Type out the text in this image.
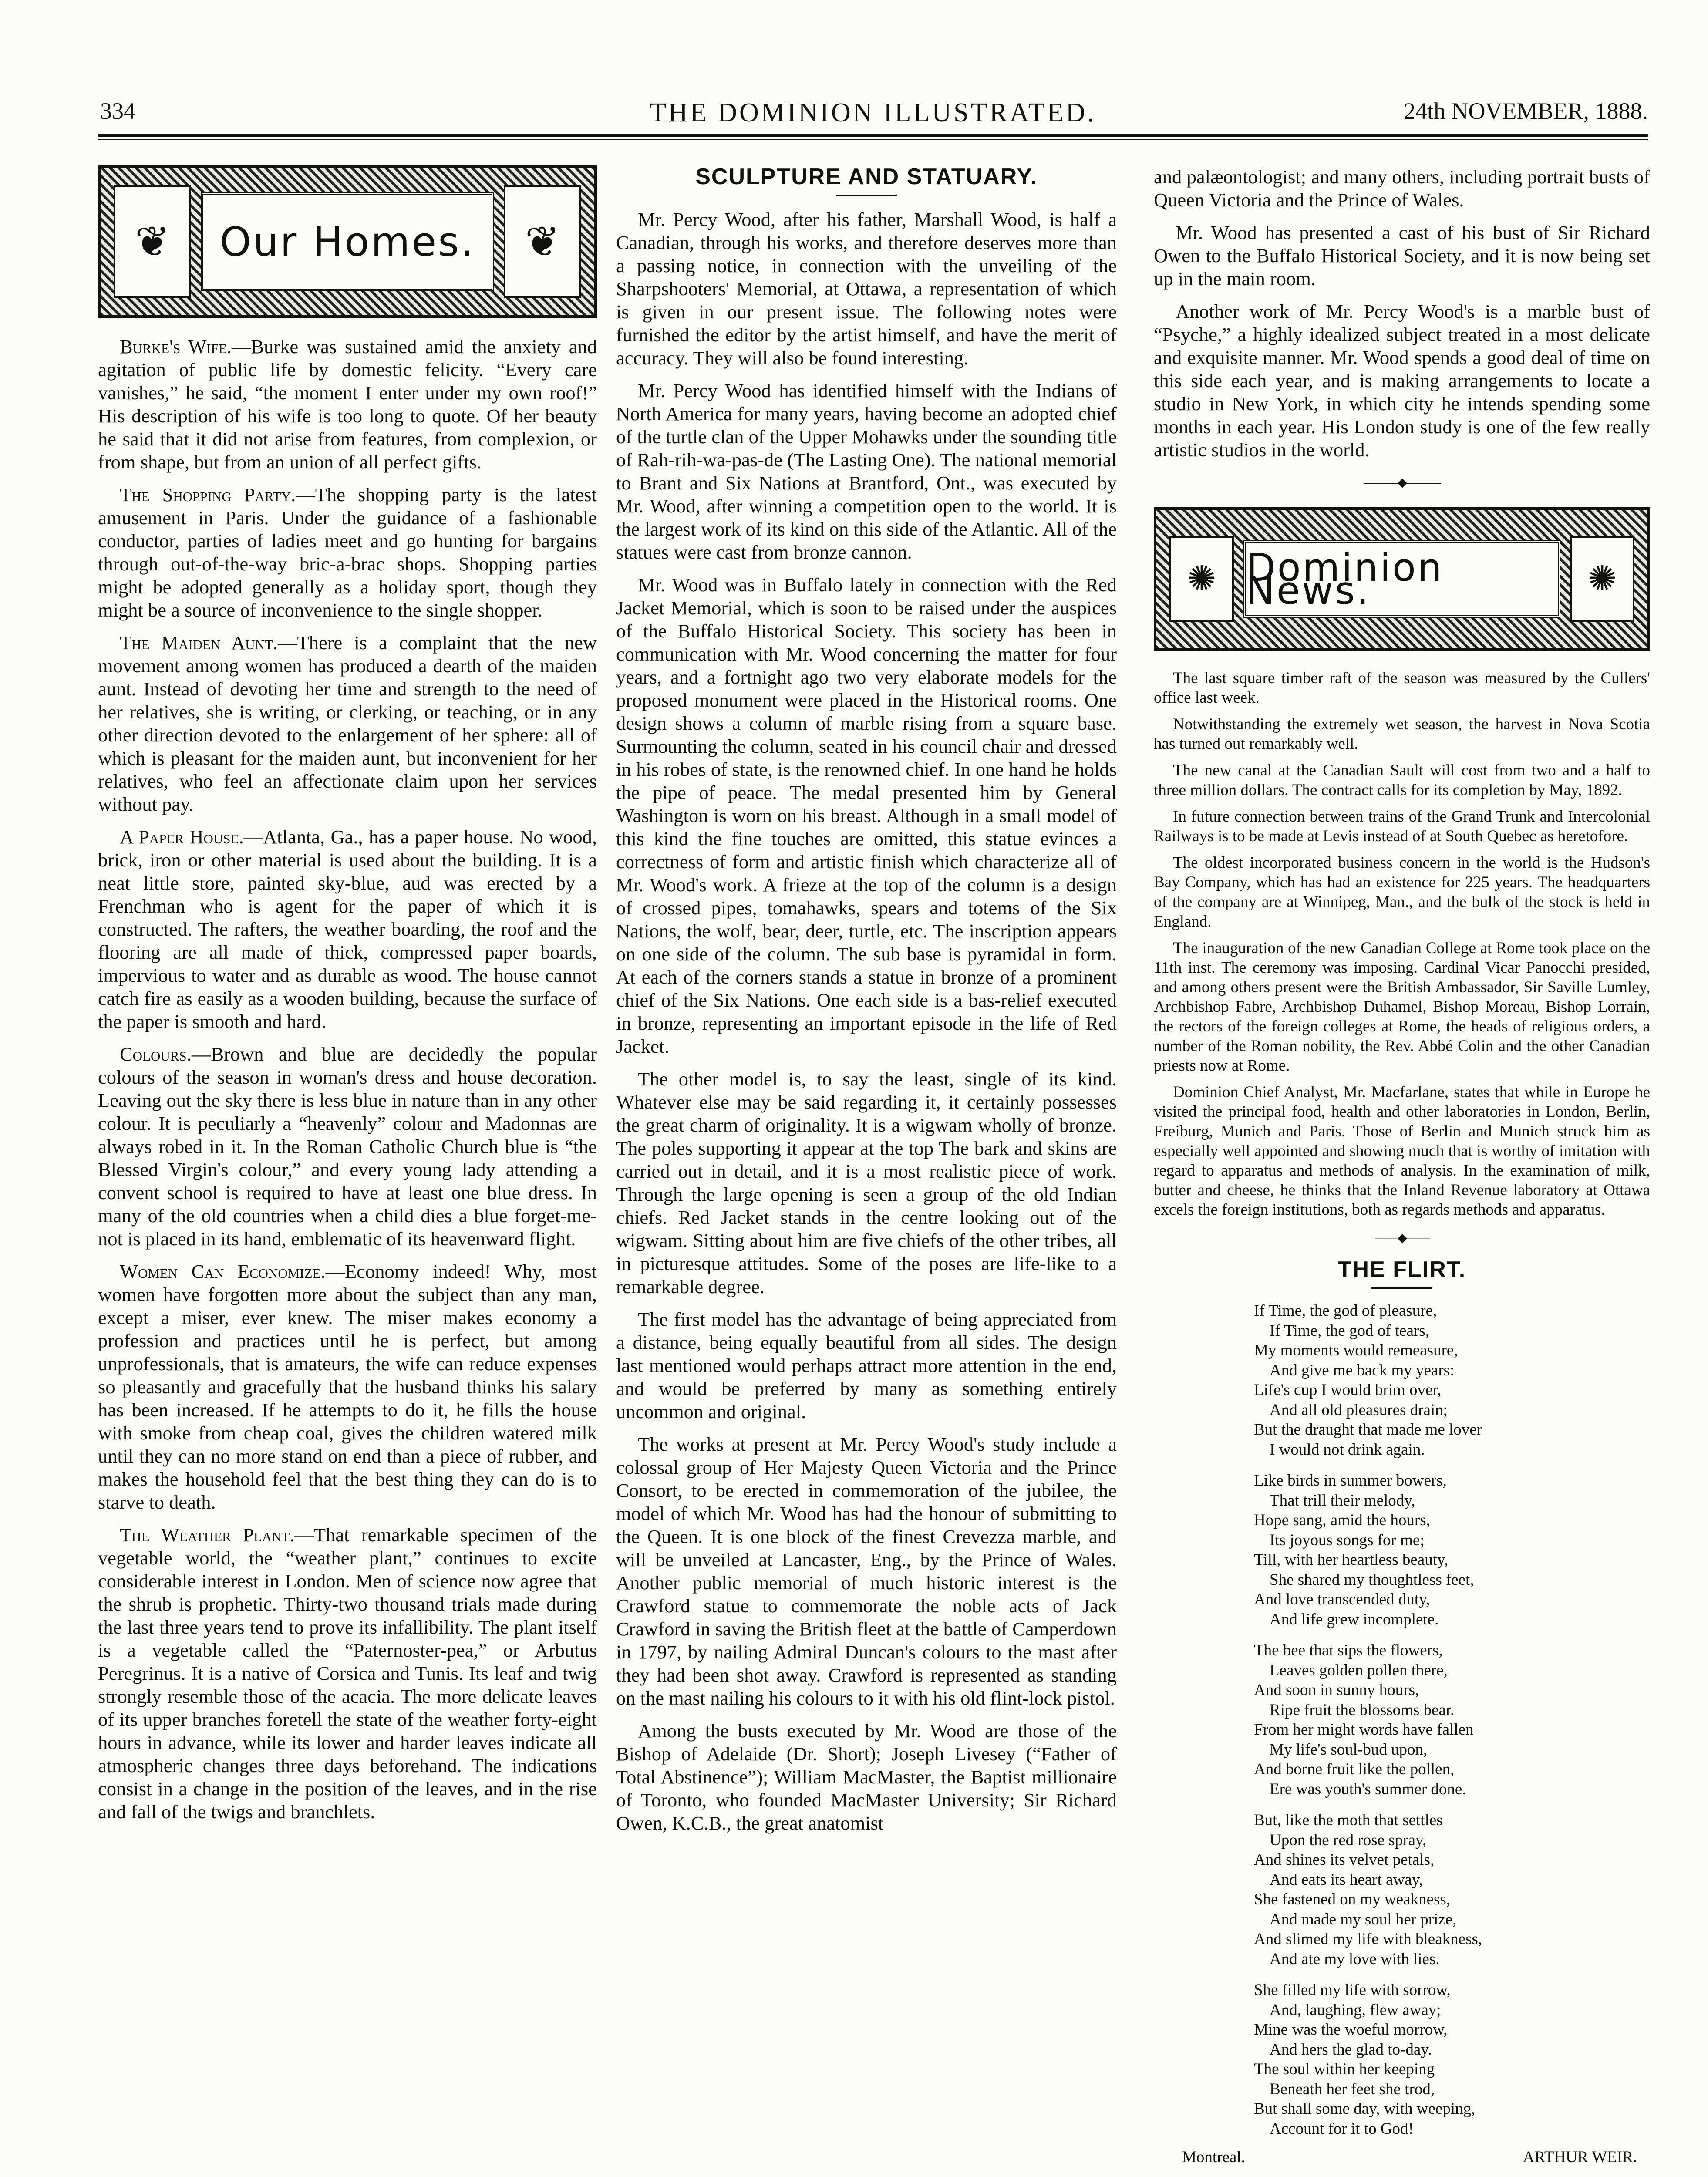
334	THE DOMINION ILLUSTRATED.	24th NOVEMBER, 1888.
❦	Our Homes.	❦

Burke's Wife.—Burke was sustained amid the anxiety and agitation of public life by domestic felicity. “Every care vanishes,” he said, “the moment I enter under my own roof!” His description of his wife is too long to quote. Of her beauty he said that it did not arise from features, from complexion, or from shape, but from an union of all perfect gifts.

The Shopping Party.—The shopping party is the latest amusement in Paris. Under the guidance of a fashionable conductor, parties of ladies meet and go hunting for bargains through out-of-the-way bric-a-brac shops. Shopping parties might be adopted generally as a holiday sport, though they might be a source of inconvenience to the single shopper.

The Maiden Aunt.—There is a complaint that the new movement among women has produced a dearth of the maiden aunt. Instead of devoting her time and strength to the need of her relatives, she is writing, or clerking, or teaching, or in any other direction devoted to the enlargement of her sphere: all of which is pleasant for the maiden aunt, but inconvenient for her relatives, who feel an affectionate claim upon her services without pay.

A Paper House.—Atlanta, Ga., has a paper house. No wood, brick, iron or other material is used about the building. It is a neat little store, painted sky-blue, aud was erected by a Frenchman who is agent for the paper of which it is constructed. The rafters, the weather boarding, the roof and the flooring are all made of thick, compressed paper boards, impervious to water and as durable as wood. The house cannot catch fire as easily as a wooden building, because the surface of the paper is smooth and hard.

Colours.—Brown and blue are decidedly the popular colours of the season in woman's dress and house decoration. Leaving out the sky there is less blue in nature than in any other colour. It is peculiarly a “heavenly” colour and Madonnas are always robed in it. In the Roman Catholic Church blue is “the Blessed Virgin's colour,” and every young lady attending a convent school is required to have at least one blue dress. In many of the old countries when a child dies a blue forget-me-not is placed in its hand, emblematic of its heavenward flight.

Women Can Economize.—Economy indeed! Why, most women have forgotten more about the subject than any man, except a miser, ever knew. The miser makes economy a profession and practices until he is perfect, but among unprofessionals, that is amateurs, the wife can reduce expenses so pleasantly and gracefully that the husband thinks his salary has been increased. If he attempts to do it, he fills the house with smoke from cheap coal, gives the children watered milk until they can no more stand on end than a piece of rubber, and makes the household feel that the best thing they can do is to starve to death.

The Weather Plant.—That remarkable specimen of the vegetable world, the “weather plant,” continues to excite considerable interest in London. Men of science now agree that the shrub is prophetic. Thirty-two thousand trials made during the last three years tend to prove its infallibility. The plant itself is a vegetable called the “Paternoster-pea,” or Arbutus Peregrinus. It is a native of Corsica and Tunis. Its leaf and twig strongly resemble those of the acacia. The more delicate leaves of its upper branches foretell the state of the weather forty-eight hours in advance, while its lower and harder leaves indicate all atmospheric changes three days beforehand. The indications consist in a change in the position of the leaves, and in the rise and fall of the twigs and branchlets.

SCULPTURE AND STATUARY.

Mr. Percy Wood, after his father, Marshall Wood, is half a Canadian, through his works, and therefore deserves more than a passing notice, in connection with the unveiling of the Sharpshooters' Memorial, at Ottawa, a representation of which is given in our present issue. The following notes were furnished the editor by the artist himself, and have the merit of accuracy. They will also be found interesting.

Mr. Percy Wood has identified himself with the Indians of North America for many years, having become an adopted chief of the turtle clan of the Upper Mohawks under the sounding title of Rah-rih-wa-pas-de (The Lasting One). The national memorial to Brant and Six Nations at Brantford, Ont., was executed by Mr. Wood, after winning a competition open to the world. It is the largest work of its kind on this side of the Atlantic. All of the statues were cast from bronze cannon.

Mr. Wood was in Buffalo lately in connection with the Red Jacket Memorial, which is soon to be raised under the auspices of the Buffalo Historical Society. This society has been in communication with Mr. Wood concerning the matter for four years, and a fortnight ago two very elaborate models for the proposed monument were placed in the Historical rooms. One design shows a column of marble rising from a square base. Surmounting the column, seated in his council chair and dressed in his robes of state, is the renowned chief. In one hand he holds the pipe of peace. The medal presented him by General Washington is worn on his breast. Although in a small model of this kind the fine touches are omitted, this statue evinces a correctness of form and artistic finish which characterize all of Mr. Wood's work. A frieze at the top of the column is a design of crossed pipes, tomahawks, spears and totems of the Six Nations, the wolf, bear, deer, turtle, etc. The inscription appears on one side of the column. The sub base is pyramidal in form. At each of the corners stands a statue in bronze of a prominent chief of the Six Nations. One each side is a bas-relief executed in bronze, representing an important episode in the life of Red Jacket.

The other model is, to say the least, single of its kind. Whatever else may be said regarding it, it certainly possesses the great charm of originality. It is a wigwam wholly of bronze. The poles supporting it appear at the top The bark and skins are carried out in detail, and it is a most realistic piece of work. Through the large opening is seen a group of the old Indian chiefs. Red Jacket stands in the centre looking out of the wigwam. Sitting about him are five chiefs of the other tribes, all in picturesque attitudes. Some of the poses are life-like to a remarkable degree.

The first model has the advantage of being appreciated from a distance, being equally beautiful from all sides. The design last mentioned would perhaps attract more attention in the end, and would be preferred by many as something entirely uncommon and original.

The works at present at Mr. Percy Wood's study include a colossal group of Her Majesty Queen Victoria and the Prince Consort, to be erected in commemoration of the jubilee, the model of which Mr. Wood has had the honour of submitting to the Queen. It is one block of the finest Crevezza marble, and will be unveiled at Lancaster, Eng., by the Prince of Wales. Another public memorial of much historic interest is the Crawford statue to commemorate the noble acts of Jack Crawford in saving the British fleet at the battle of Camperdown in 1797, by nailing Admiral Duncan's colours to the mast after they had been shot away. Crawford is represented as standing on the mast nailing his colours to it with his old flint-lock pistol.

Among the busts executed by Mr. Wood are those of the Bishop of Adelaide (Dr. Short); Joseph Livesey (“Father of Total Abstinence”); William MacMaster, the Baptist millionaire of Toronto, who founded MacMaster University; Sir Richard Owen, K.C.B., the great anatomist

and palæontologist; and many others, including portrait busts of Queen Victoria and the Prince of Wales.

Mr. Wood has presented a cast of his bust of Sir Richard Owen to the Buffalo Historical Society, and it is now being set up in the main room.

Another work of Mr. Percy Wood's is a marble bust of “Psyche,” a highly idealized subject treated in a most delicate and exquisite manner. Mr. Wood spends a good deal of time on this side each year, and is making arrangements to locate a studio in New York, in which city he intends spending some months in each year. His London study is one of the few really artistic studios in the world.

———◆———
✺ Dominion News.	✺

The last square timber raft of the season was measured by the Cullers' office last week.

Notwithstanding the extremely wet season, the harvest in Nova Scotia has turned out remarkably well.

The new canal at the Canadian Sault will cost from two and a half to three million dollars. The contract calls for its completion by May, 1892.

In future connection between trains of the Grand Trunk and Intercolonial Railways is to be made at Levis instead of at South Quebec as heretofore.

The oldest incorporated business concern in the world is the Hudson's Bay Company, which has had an existence for 225 years. The headquarters of the company are at Winnipeg, Man., and the bulk of the stock is held in England.

The inauguration of the new Canadian College at Rome took place on the 11th inst. The ceremony was imposing. Cardinal Vicar Panocchi presided, and among others present were the British Ambassador, Sir Saville Lumley, Archbishop Fabre, Archbishop Duhamel, Bishop Moreau, Bishop Lorrain, the rectors of the foreign colleges at Rome, the heads of religious orders, a number of the Roman nobility, the Rev. Abbé Colin and the other Canadian priests now at Rome.

Dominion Chief Analyst, Mr. Macfarlane, states that while in Europe he visited the principal food, health and other laboratories in London, Berlin, Freiburg, Munich and Paris. Those of Berlin and Munich struck him as especially well appointed and showing much that is worthy of imitation with regard to apparatus and methods of analysis. In the examination of milk, butter and cheese, he thinks that the Inland Revenue laboratory at Ottawa excels the foreign institutions, both as regards methods and apparatus.

——◆——
THE FLIRT.
If Time, the god of pleasure,
If Time, the god of tears,
My moments would remeasure,
And give me back my years:
Life's cup I would brim over,
And all old pleasures drain;
But the draught that made me lover
I would not drink again.
Like birds in summer bowers,
That trill their melody,
Hope sang, amid the hours,
Its joyous songs for me;
Till, with her heartless beauty,
She shared my thoughtless feet,
And love transcended duty,
And life grew incomplete.
The bee that sips the flowers,
Leaves golden pollen there,
And soon in sunny hours,
Ripe fruit the blossoms bear.
From her might words have fallen
My life's soul-bud upon,
And borne fruit like the pollen,
Ere was youth's summer done.
But, like the moth that settles
Upon the red rose spray,
And shines its velvet petals,
And eats its heart away,
She fastened on my weakness,
And made my soul her prize,
And slimed my life with bleakness,
And ate my love with lies.
She filled my life with sorrow,
And, laughing, flew away;
Mine was the woeful morrow,
And hers the glad to-day.
The soul within her keeping
Beneath her feet she trod,
But shall some day, with weeping,
Account for it to God!
Montreal.	ARTHUR WEIR.
